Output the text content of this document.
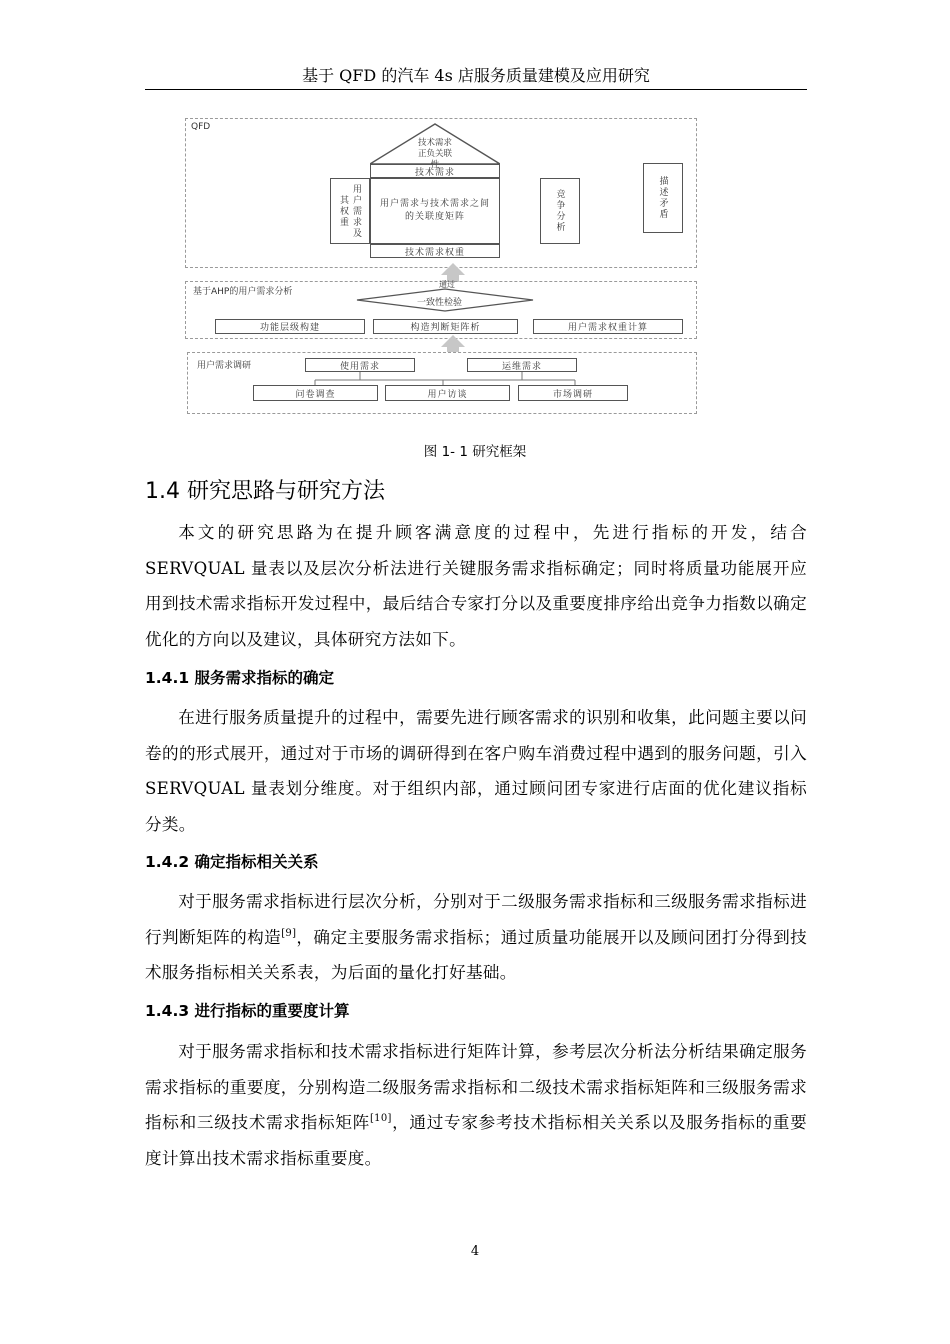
基于 QFD 的汽车 4s 店服务质量建模及应用研究
QFD
技术需求
正负关联
性
技术需求
用户需求及其权重	用户需求与技术需求之间的关联度矩阵	竞争分析	描述矛盾
技术需求权重
基于AHP的用户需求分析
通过
一致性检验
功能层级构建	构造判断矩阵析	用户需求权重计算
用户需求调研	使用需求	运维需求
问卷调查	用户访谈	市场调研
图 1- 1 研究框架
1.4 研究思路与研究方法
本文的研究思路为在提升顾客满意度的过程中，先进行指标的开发，结合SERVQUAL 量表以及层次分析法进行关键服务需求指标确定；同时将质量功能展开应用到技术需求指标开发过程中，最后结合专家打分以及重要度排序给出竞争力指数以确定优化的方向以及建议，具体研究方法如下。
1.4.1 服务需求指标的确定
在进行服务质量提升的过程中，需要先进行顾客需求的识别和收集，此问题主要以问卷的的形式展开，通过对于市场的调研得到在客户购车消费过程中遇到的服务问题，引入 SERVQUAL 量表划分维度。对于组织内部，通过顾问团专家进行店面的优化建议指标分类。
1.4.2 确定指标相关关系
对于服务需求指标进行层次分析，分别对于二级服务需求指标和三级服务需求指标进行判断矩阵的构造[9]，确定主要服务需求指标；通过质量功能展开以及顾问团打分得到技术服务指标相关关系表，为后面的量化打好基础。
1.4.3 进行指标的重要度计算
对于服务需求指标和技术需求指标进行矩阵计算，参考层次分析法分析结果确定服务需求指标的重要度，分别构造二级服务需求指标和二级技术需求指标矩阵和三级服务需求指标和三级技术需求指标矩阵[10]，通过专家参考技术指标相关关系以及服务指标的重要度计算出技术需求指标重要度。
4
